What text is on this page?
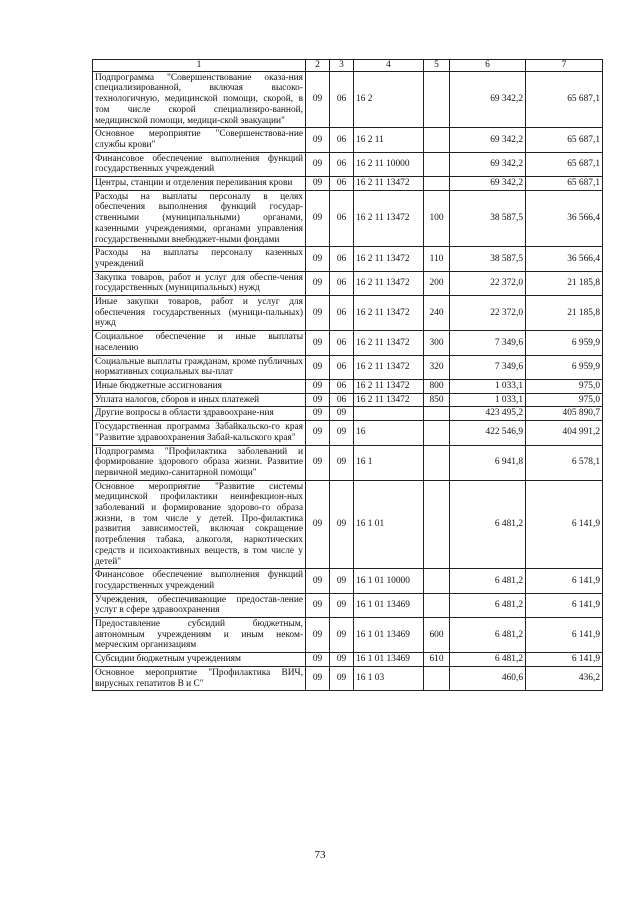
1	2	3	4	5	6	7
Подпрограмма "Совершенствование оказа-ния специализированной, включая высоко-технологичную, медицинской помощи, скорой, в том числе скорой специализиро-ванной, медицинской помощи, медици-ской эвакуации"	09	06	16 2		69 342,2	65 687,1
Основное мероприятие "Совершенствова-ние службы крови"	09	06	16 2 11		69 342,2	65 687,1
Финансовое обеспечение выполнения функций государственных учреждений	09	06	16 2 11 10000		69 342,2	65 687,1
Центры, станции и отделения переливания крови	09	06	16 2 11 13472		69 342,2	65 687,1
Расходы на выплаты персоналу в целях обеспечения выполнения функций государ-ственными (муниципальными) органами, казенными учреждениями, органами управления государственными внебюджет-ными фондами	09	06	16 2 11 13472	100	38 587,5	36 566,4
Расходы на выплаты персоналу казенных учреждений	09	06	16 2 11 13472	110	38 587,5	36 566,4
Закупка товаров, работ и услуг для обеспе-чения государственных (муниципальных) нужд	09	06	16 2 11 13472	200	22 372,0	21 185,8
Иные закупки товаров, работ и услуг для обеспечения государственных (муници-пальных) нужд	09	06	16 2 11 13472	240	22 372,0	21 185,8
Социальное обеспечение и иные выплаты населению	09	06	16 2 11 13472	300	7 349,6	6 959,9
Социальные выплаты гражданам, кроме публичных нормативных социальных вы-плат	09	06	16 2 11 13472	320	7 349,6	6 959,9
Иные бюджетные ассигнования	09	06	16 2 11 13472	800	1 033,1	975,0
Уплата налогов, сборов и иных платежей	09	06	16 2 11 13472	850	1 033,1	975,0
Другие вопросы в области здравоохране-ния	09	09			423 495,2	405 890,7
Государственная программа Забайкальско-го края "Развитие здравоохранения Забай-кальского края"	09	09	16		422 546,9	404 991,2
Подпрограмма "Профилактика заболеваний и формирование здорового образа жизни. Развитие первичной медико-санитарной помощи"	09	09	16 1		6 941,8	6 578,1
Основное мероприятие "Развитие системы медицинской профилактики неинфекцион-ных заболеваний и формирование здорово-го образа жизни, в том числе у детей. Про-филактика развития зависимостей, включая сокращение потребления табака, алкоголя, наркотических средств и психоактивных веществ, в том числе у детей"	09	09	16 1 01		6 481,2	6 141,9
Финансовое обеспечение выполнения функций государственных учреждений	09	09	16 1 01 10000		6 481,2	6 141,9
Учреждения, обеспечивающие предостав-ление услуг в сфере здравоохранения	09	09	16 1 01 13469		6 481,2	6 141,9
Предоставление субсидий бюджетным, автономным учреждениям и иным неком-мерческим организациям	09	09	16 1 01 13469	600	6 481,2	6 141,9
Субсидии бюджетным учреждениям	09	09	16 1 01 13469	610	6 481,2	6 141,9
Основное мероприятие "Профилактика ВИЧ, вирусных гепатитов В и С"	09	09	16 1 03		460,6	436,2
73
